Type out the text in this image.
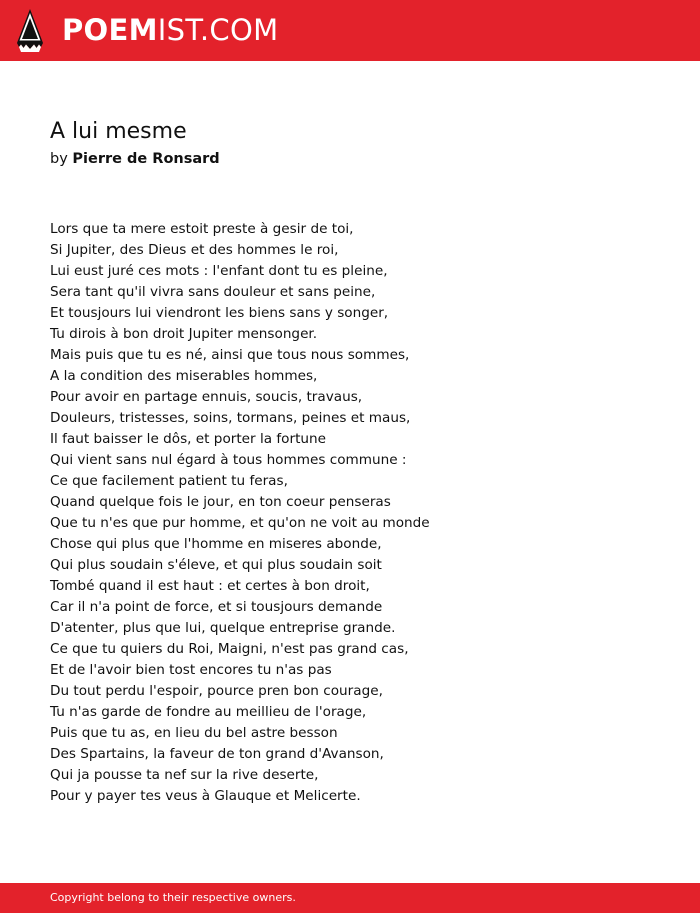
POEMIST.COM
A lui mesme
by Pierre de Ronsard
Lors que ta mere estoit preste à gesir de toi,
Si Jupiter, des Dieus et des hommes le roi,
Lui eust juré ces mots : l'enfant dont tu es pleine,
Sera tant qu'il vivra sans douleur et sans peine,
Et tousjours lui viendront les biens sans y songer,
Tu dirois à bon droit Jupiter mensonger.
Mais puis que tu es né, ainsi que tous nous sommes,
A la condition des miserables hommes,
Pour avoir en partage ennuis, soucis, travaus,
Douleurs, tristesses, soins, tormans, peines et maus,
Il faut baisser le dôs, et porter la fortune
Qui vient sans nul égard à tous hommes commune :
Ce que facilement patient tu feras,
Quand quelque fois le jour, en ton coeur penseras
Que tu n'es que pur homme, et qu'on ne voit au monde
Chose qui plus que l'homme en miseres abonde,
Qui plus soudain s'éleve, et qui plus soudain soit
Tombé quand il est haut : et certes à bon droit,
Car il n'a point de force, et si tousjours demande
D'atenter, plus que lui, quelque entreprise grande.
Ce que tu quiers du Roi, Maigni, n'est pas grand cas,
Et de l'avoir bien tost encores tu n'as pas
Du tout perdu l'espoir, pource pren bon courage,
Tu n'as garde de fondre au meillieu de l'orage,
Puis que tu as, en lieu du bel astre besson
Des Spartains, la faveur de ton grand d'Avanson,
Qui ja pousse ta nef sur la rive deserte,
Pour y payer tes veus à Glauque et Melicerte.
Copyright belong to their respective owners.
